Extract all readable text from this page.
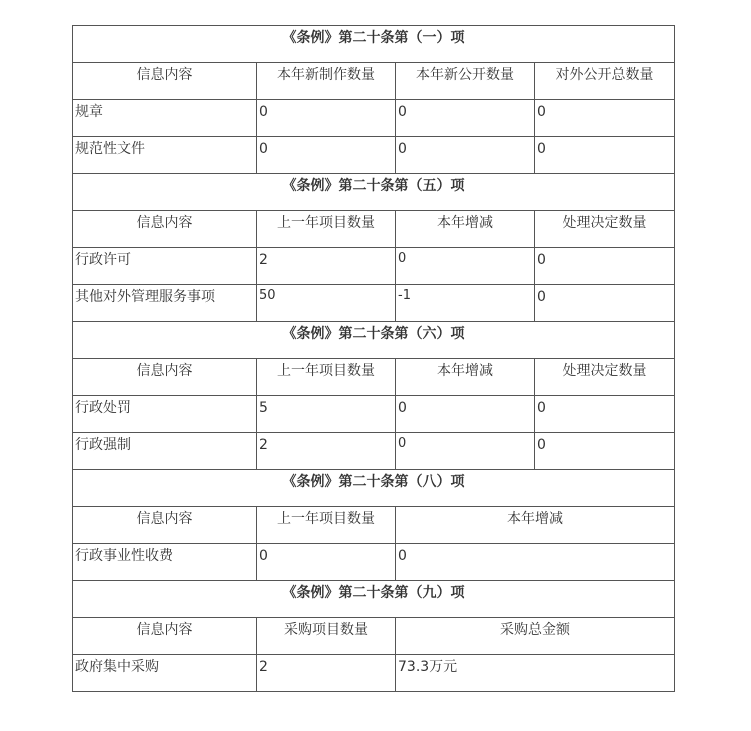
《条例》第二十条第（一）项			
信息内容	本年新制作数量	本年新公开数量	对外公开总数量
规章	0	0	0
规范性文件	0	0	0
《条例》第二十条第（五）项			
信息内容	上一年项目数量	本年增减	处理决定数量
行政许可	2	0	0
其他对外管理服务事项	50	-1	0
《条例》第二十条第（六）项			
信息内容	上一年项目数量	本年增减	处理决定数量
行政处罚	5	0	0
行政强制	2	0	0
《条例》第二十条第（八）项			
信息内容	上一年项目数量	本年增减	
行政事业性收费	0	0	
《条例》第二十条第（九）项			
信息内容	采购项目数量	采购总金额	
政府集中采购	2	73.3万元	
